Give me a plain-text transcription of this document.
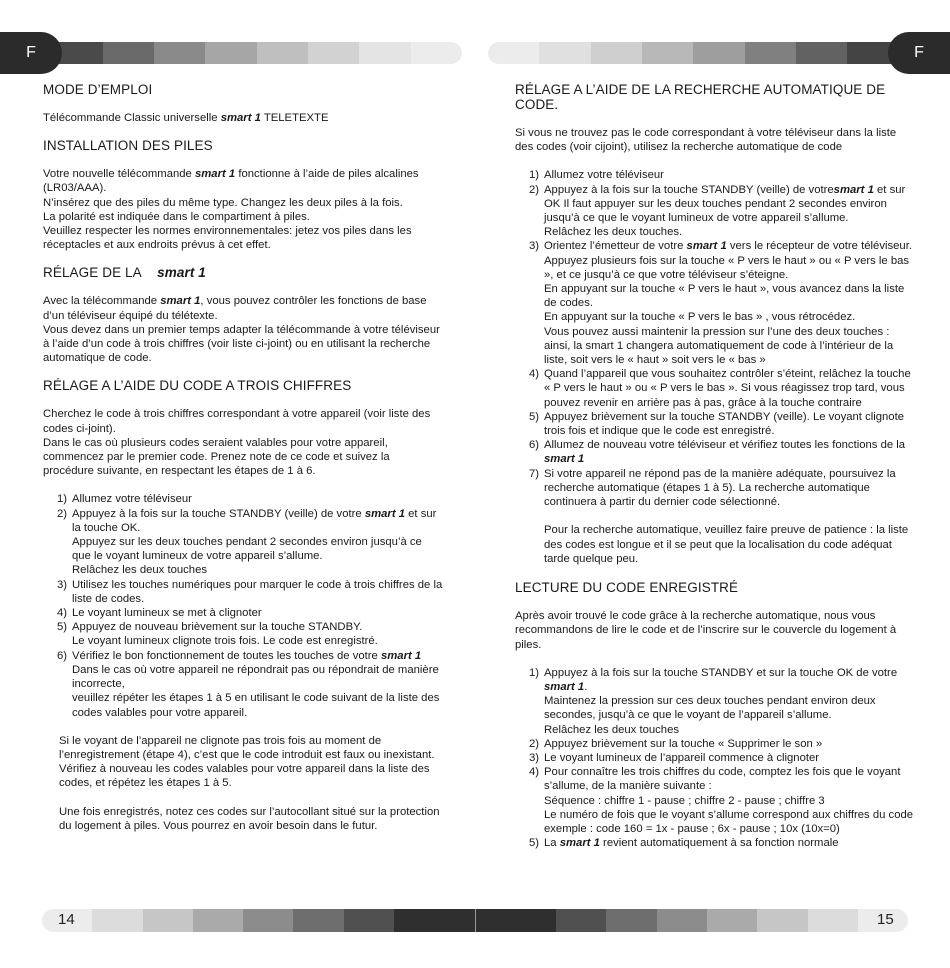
F	F
MODE D’EMPLOI

Télécommande Classic universelle smart 1 TELETEXTE

INSTALLATION DES PILES

Votre nouvelle télécommande smart 1 fonctionne à l’aide de piles alcalines (LR03/AAA).

N’insérez que des piles du même type. Changez les deux piles à la fois.

La polarité est indiquée dans le compartiment à piles.

Veuillez respecter les normes environnementales: jetez vos piles dans les réceptacles et aux endroits prévus à cet effet.

RÉLAGE DE LA smart 1

Avec la télécommande smart 1, vous pouvez contrôler les fonctions de base d’un téléviseur équipé du télétexte.

Vous devez dans un premier temps adapter la télécommande à votre téléviseur à l’aide d’un code à trois chiffres (voir liste ci-joint) ou en utilisant la recherche automatique de code.

RÉLAGE A L’AIDE DU CODE A TROIS CHIFFRES

Cherchez le code à trois chiffres correspondant à votre appareil (voir liste des codes ci-joint).

Dans le cas où plusieurs codes seraient valables pour votre appareil, commencez par le premier code. Prenez note de ce code et suivez la procédure suivante, en respectant les étapes de 1 à 6.

1) Allumez votre téléviseur
2) Appuyez à la fois sur la touche STANDBY (veille) de votre smart 1 et sur la touche OK.
Appuyez sur les deux touches pendant 2 secondes environ jusqu’à ce que le voyant lumineux de votre appareil s’allume.
Relâchez les deux touches
3) Utilisez les touches numériques pour marquer le code à trois chiffres de la liste de codes.
4) Le voyant lumineux se met à clignoter
5) Appuyez de nouveau brièvement sur la touche STANDBY.
Le voyant lumineux clignote trois fois. Le code est enregistré.
6) Vérifiez le bon fonctionnement de toutes les touches de votre smart 1
Dans le cas où votre appareil ne répondrait pas ou répondrait de manière incorrecte,
veuillez répéter les étapes 1 à 5 en utilisant le code suivant de la liste des codes valables pour votre appareil.

Si le voyant de l’appareil ne clignote pas trois fois au moment de l’enregistrement (étape 4), c’est que le code introduit est faux ou inexistant. Vérifiez à nouveau les codes valables pour votre appareil dans la liste des codes, et répétez les étapes 1 à 5.

Une fois enregistrés, notez ces codes sur l’autocollant situé sur la protection du logement à piles. Vous pourrez en avoir besoin dans le futur.

RÉLAGE A L’AIDE DE LA RECHERCHE AUTOMATIQUE DE CODE.

Si vous ne trouvez pas le code correspondant à votre téléviseur dans la liste des codes (voir cijoint), utilisez la recherche automatique de code

1) Allumez votre téléviseur
2) Appuyez à la fois sur la touche STANDBY (veille) de votresmart 1 et sur OK Il faut appuyer sur les deux touches pendant 2 secondes environ jusqu’à ce que le voyant lumineux de votre appareil s’allume.
Relâchez les deux touches.
3) Orientez l’émetteur de votre smart 1 vers le récepteur de votre téléviseur.
Appuyez plusieurs fois sur la touche « P vers le haut » ou « P vers le bas », et ce jusqu’à ce que votre téléviseur s’éteigne.
En appuyant sur la touche « P vers le haut », vous avancez dans la liste de codes.
En appuyant sur la touche « P vers le bas » , vous rétrocédez.
Vous pouvez aussi maintenir la pression sur l’une des deux touches : ainsi, la smart 1 changera automatiquement de code à l’intérieur de la liste, soit vers le « haut » soit vers le « bas »
4) Quand l’appareil que vous souhaitez contrôler s’éteint, relâchez la touche « P vers le haut » ou « P vers le bas ». Si vous réagissez trop tard, vous pouvez revenir en arrière pas à pas, grâce à la touche contraire
5) Appuyez brièvement sur la touche STANDBY (veille). Le voyant clignote trois fois et indique que le code est enregistré.
6) Allumez de nouveau votre téléviseur et vérifiez toutes les fonctions de la smart 1
7) Si votre appareil ne répond pas de la manière adéquate, poursuivez la recherche automatique (étapes 1 à 5). La recherche automatique continuera à partir du dernier code sélectionné.

Pour la recherche automatique, veuillez faire preuve de patience : la liste des codes est longue et il se peut que la localisation du code adéquat tarde quelque peu.
LECTURE DU CODE ENREGISTRÉ

Après avoir trouvé le code grâce à la recherche automatique, nous vous recommandons de lire le code et de l’inscrire sur le couvercle du logement à piles.

1) Appuyez à la fois sur la touche STANDBY et sur la touche OK de votre smart 1.
Maintenez la pression sur ces deux touches pendant environ deux secondes, jusqu’à ce que le voyant de l’appareil s’allume.
Relâchez les deux touches
2) Appuyez brièvement sur la touche « Supprimer le son »
3) Le voyant lumineux de l’appareil commence à clignoter
4) Pour connaître les trois chiffres du code, comptez les fois que le voyant s’allume, de la manière suivante :
Séquence : chiffre 1 - pause ; chiffre 2 - pause ; chiffre 3
Le numéro de fois que le voyant s’allume correspond aux chiffres du code
exemple : code 160 = 1x - pause ; 6x - pause ; 10x (10x=0)
5) La smart 1 revient automatiquement à sa fonction normale
14	15
